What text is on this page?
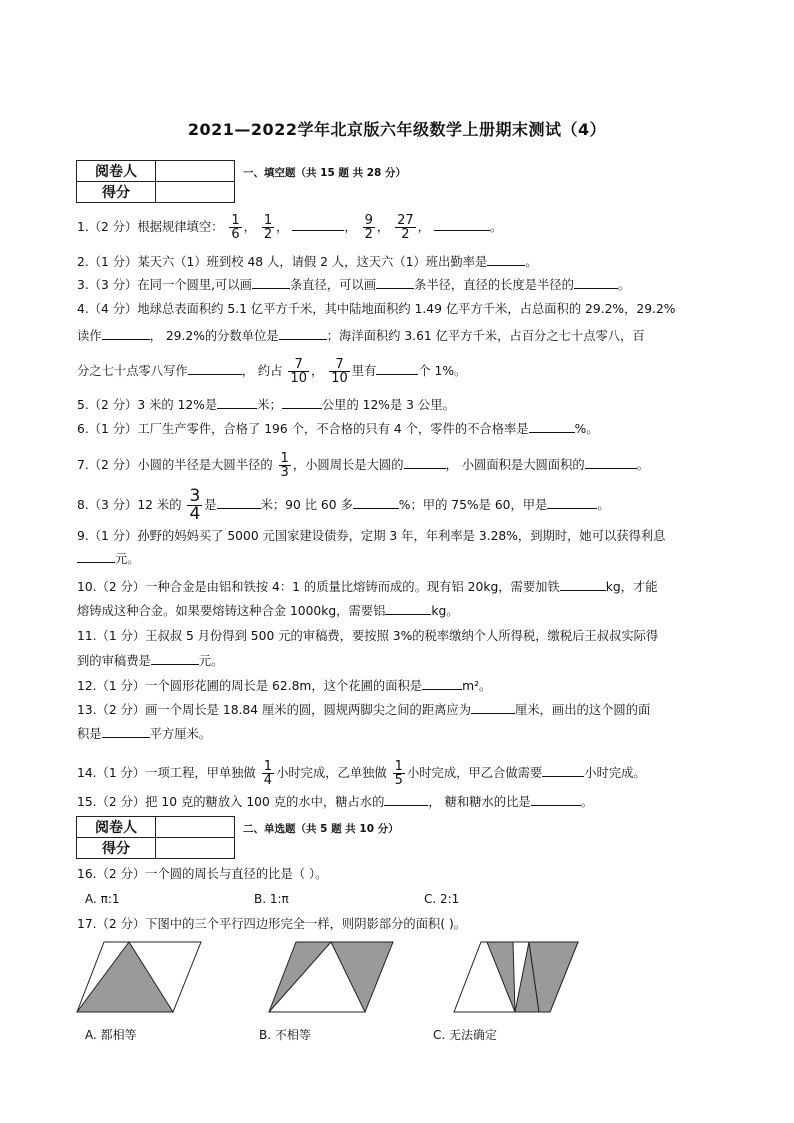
2021—2022学年北京版六年级数学上册期末测试（4）
阅卷人	
得分	
一、填空题（共 15 题 共 28 分）
1.（2 分）根据规律填空： $\frac{1}{6}$ ， $\frac{1}{2}$ ，	， $\frac{9}{2}$ ， $\frac{27}{2}$ ，	。
2.（1 分）某天六（1）班到校 48 人，请假 2 人，这天六（1）班出勤率是	。
3.（3 分）在同一个圆里,可以画	条直径，可以画	条半径，直径的长度是半径的	。
4.（4 分）地球总表面积约 5.1 亿平方千米，其中陆地面积约 1.49 亿平方千米，占总面积的 29.2%，29.2%
读作	， 29.2%的分数单位是	；海洋面积约 3.61 亿平方千米，占百分之七十点零八，百
分之七十点零八写作	， 约占 $\frac{7}{10}$ ， $\frac{7}{10}$ 里有	个 1%。
5.（2 分）3 米的 12%是	米；	公里的 12%是 3 公里。
6.（1 分）工厂生产零件，合格了 196 个，不合格的只有 4 个，零件的不合格率是	%。
7.（2 分）小圆的半径是大圆半径的 $\frac{1}{3}$ ，小圆周长是大圆的	， 小圆面积是大圆面积的	。
8.（3 分）12 米的 $\frac{3}{4}$ 是	米；90 比 60 多	%；甲的 75%是 60，甲是	。
9.（1 分）孙野的妈妈买了 5000 元国家建设债券，定期 3 年，年利率是 3.28%，到期时，她可以获得利息
元。
10.（2 分）一种合金是由铝和铁按 4：1 的质量比熔铸而成的。现有铝 20kg，需要加铁	kg，才能
熔铸成这种合金。如果要熔铸这种合金 1000kg，需要铝	kg。
11.（1 分）王叔叔 5 月份得到 500 元的审稿费，要按照 3%的税率缴纳个人所得税，缴税后王叔叔实际得
到的审稿费是	元。
12.（1 分）一个圆形花圃的周长是 62.8m，这个花圃的面积是	m²。
13.（2 分）画一个周长是 18.84 厘米的圆，圆规两脚尖之间的距离应为	厘米，画出的这个圆的面
积是	平方厘米。
14.（1 分）一项工程，甲单独做 $\frac{1}{4}$ 小时完成，乙单独做 $\frac{1}{5}$ 小时完成，甲乙合做需要	小时完成。
15.（2 分）把 10 克的糖放入 100 克的水中，糖占水的	， 糖和糖水的比是	。
阅卷人	
得分	
二、单选题（共 5 题 共 10 分）
16.（2 分）一个圆的周长与直径的比是（ ）。
A. π:1	B. 1:π	C. 2:1
17.（2 分）下图中的三个平行四边形完全一样，则阴影部分的面积( )。
A. 都相等	B. 不相等	C. 无法确定
